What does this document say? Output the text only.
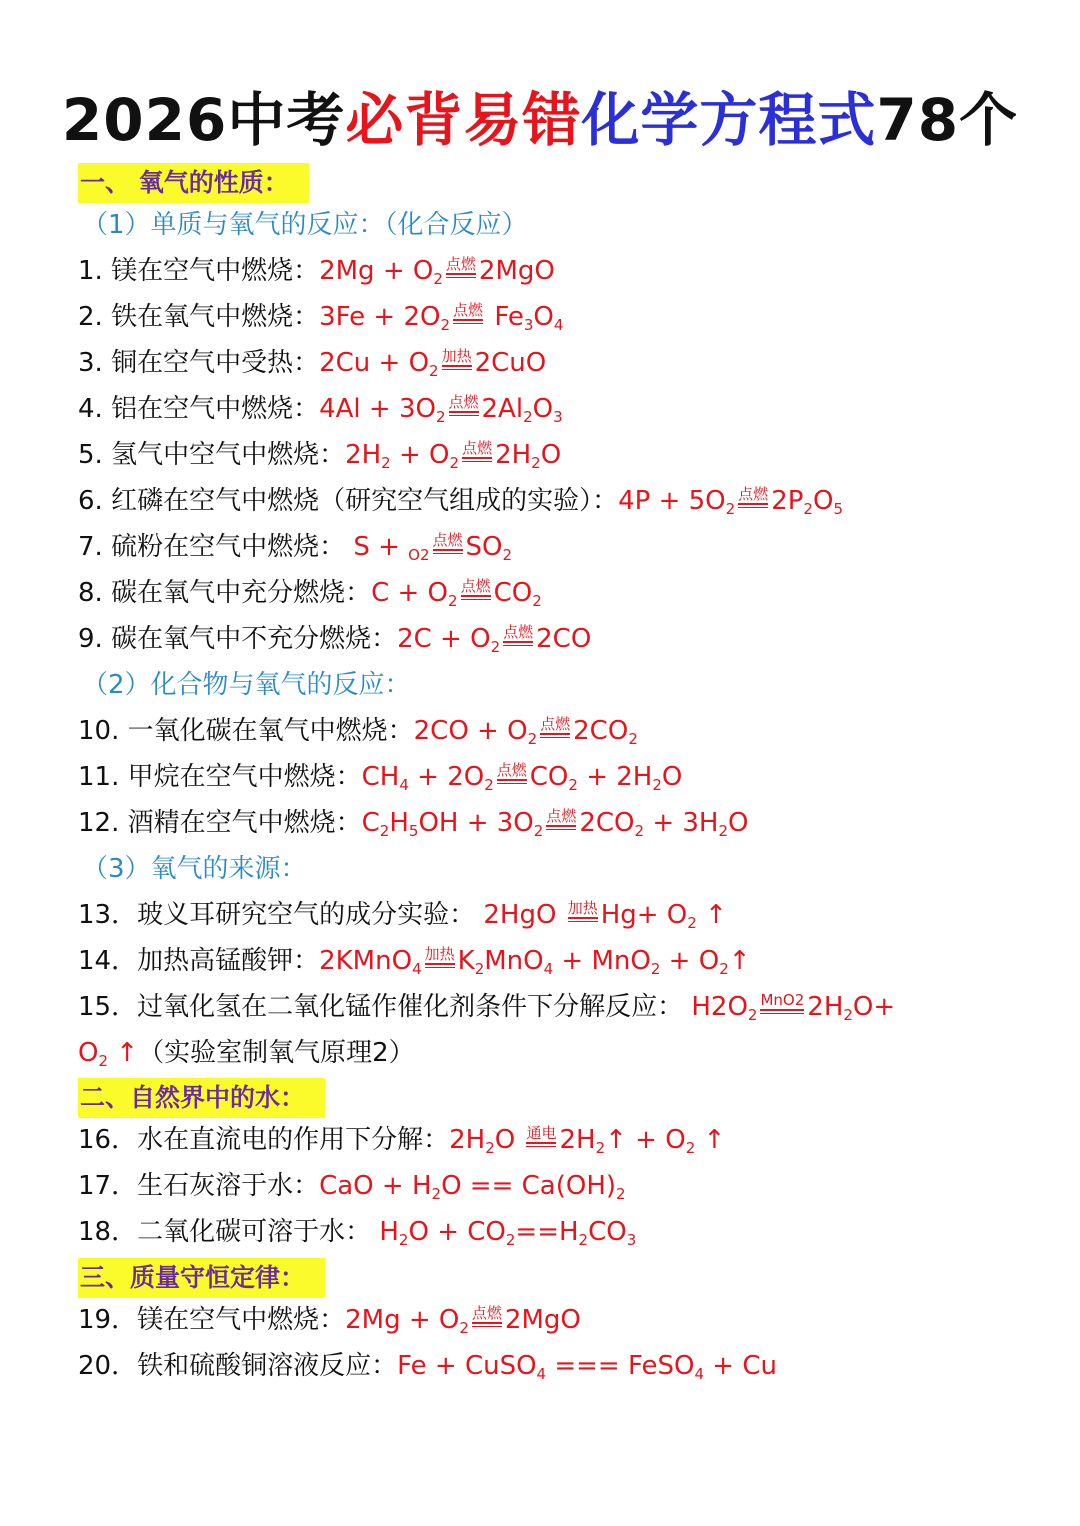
2026中考必背易错化学方程式78个
一、 氧气的性质：
（1）单质与氧气的反应：（化合反应）
1. 镁在空气中燃烧：$2Mg + O_2$
点燃 2MgO
2. 铁在氧气中燃烧：$3Fe + 2O_2$
点燃 $Fe_3O_4$
3. 铜在空气中受热：$2Cu + O_2$
加热 2CuO
4. 铝在空气中燃烧：$4Al + 3O_2$
点燃 $2Al_2O_3$
5. 氢气中空气中燃烧：$2H_2 + O_2$
点燃 $2H_2O$
6. 红磷在空气中燃烧（研究空气组成的实验）：$4P + 5O_2$
点燃 $2P_2O_5$
7. 硫粉在空气中燃烧： S + $_{O2}$
点燃 $SO_2$
8. 碳在氧气中充分燃烧：$C + O_2$
点燃 $CO_2$
9. 碳在氧气中不充分燃烧：$2C + O_2$
点燃 2CO
（2）化合物与氧气的反应：
10. 一氧化碳在氧气中燃烧：$2CO + O_2$
点燃 $2CO_2$
11. 甲烷在空气中燃烧：$CH_4 + 2O_2$
点燃 $CO_2 + 2H_2O$
12. 酒精在空气中燃烧：$C_2H_5OH + 3O_2$
点燃 $2CO_2 + 3H_2O$
（3）氧气的来源：
13．玻义耳研究空气的成分实验： 2HgO 加热 $Hg+ O_2$ ↑
14．加热高锰酸钾：2KMnO$_4$
加热 $K_2MnO_4 + MnO_2$ + $O_2↑$
15．过氧化氢在二氧化锰作催化剂条件下分解反应： $H2O_2$
MnO2 $2H_2O+$
$O_2$ ↑（实验室制氧气原理2）
二、自然界中的水：
16．水在直流电的作用下分解：$2H_2O$ 通电 $2H_2↑ + O_2$ ↑
17．生石灰溶于水：CaO + $H_2O == Ca(OH)_2$
18．二氧化碳可溶于水： $H_2O + CO_2==H_2CO_3$
三、质量守恒定律：
19．镁在空气中燃烧：$2Mg + O_2$
点燃 2MgO
20．铁和硫酸铜溶液反应：Fe + CuSO$_4$ === FeSO$_4$ + Cu
